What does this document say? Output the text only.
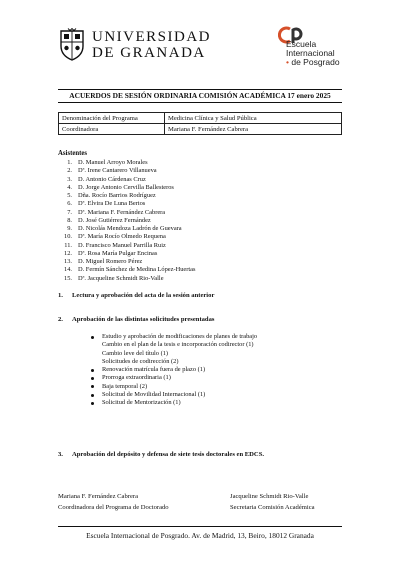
UNIVERSIDAD
DE GRANADA
Escuela
Internacional
• de Posgrado
ACUERDOS DE SESIÓN ORDINARIA COMISIÓN ACADÉMICA 17 enero 2025
Denominación del Programa	Medicina Clínica y Salud Pública
Coordinadora	Mariana F. Fernández Cabrera
Asistentes
1. D. Manuel Arroyo Morales
2. Dª. Irene Cantarero Villanueva
3. D. Antonio Cárdenas Cruz
4. D. Jorge Antonio Cervilla Ballesteros
5. Dña. Rocío Barrios Rodríguez
6. Dª. Elvira De Luna Bertos
7. Dª. Mariana F. Fernández Cabrera
8. D. José Gutiérrez Fernández
9. D. Nicolás Mendoza Ladrón de Guevara
10. Dª. María Rocío Olmedo Requena
11. D. Francisco Manuel Parrilla Ruiz
12. Dª. Rosa María Pulgar Encinas
13. D. Miguel Romero Pérez
14. D. Fermín Sánchez de Medina López-Huertas
15. Dª. Jacqueline Schmidt Rio-Valle
1. Lectura y aprobación del acta de la sesión anterior
2. Aprobación de las distintas solicitudes presentadas
Estudio y aprobación de modificaciones de planes de trabajo
Cambio en el plan de la tesis e incorporación codirector (1)
Cambio leve del título (1)
Solicitudes de codirección (2)
Renovación matrícula fuera de plazo (1)
Prorroga extraordinaria (1)
Baja temporal (2)
Solicitud de Movilidad Internacional (1)
Solicitud de Mentorización (1)
3. Aprobación del depósito y defensa de siete tesis doctorales en EDCS.
Mariana F. Fernández Cabrera
Coordinadora del Programa de Doctorado
Jacqueline Schmidt Rio-Valle
Secretaria Comisión Académica
Escuela Internacional de Posgrado. Av. de Madrid, 13, Beiro, 18012 Granada
